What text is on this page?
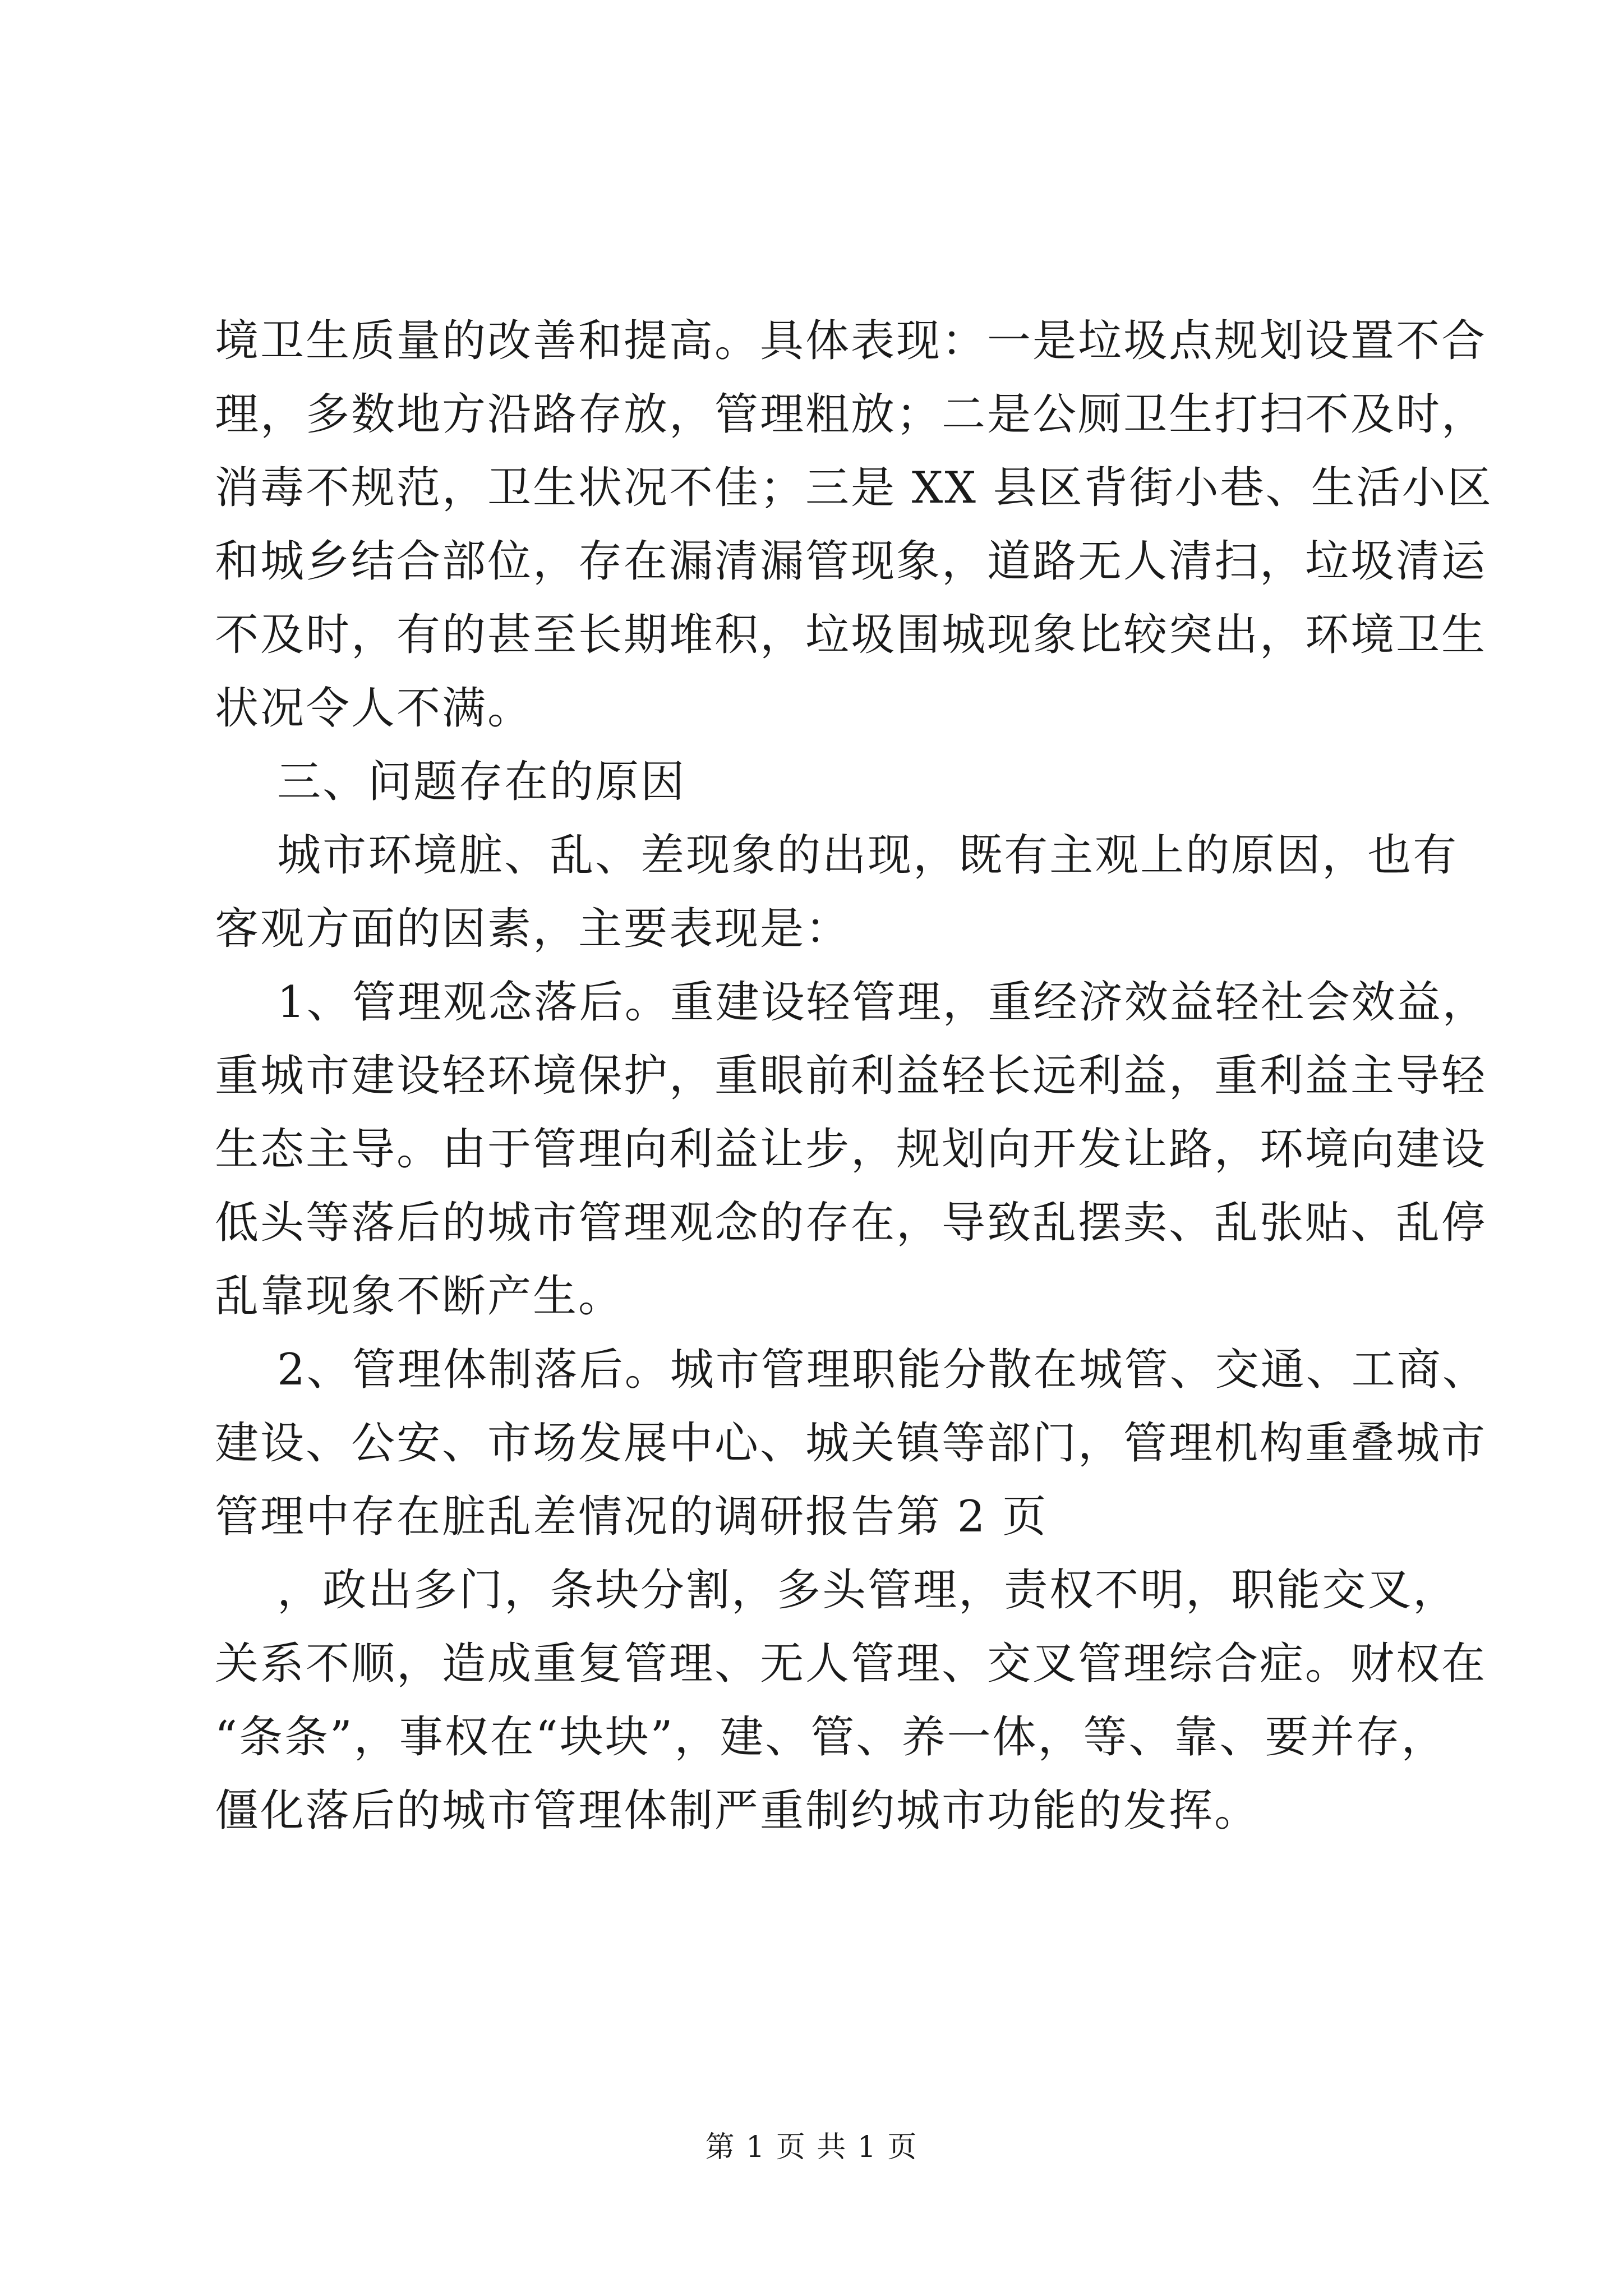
境卫生质量的改善和提高。具体表现：一是垃圾点规划设置不合

理，多数地方沿路存放，管理粗放；二是公厕卫生打扫不及时，

消毒不规范，卫生状况不佳；三是 XX 县区背街小巷、生活小区

和城乡结合部位，存在漏清漏管现象，道路无人清扫，垃圾清运

不及时，有的甚至长期堆积，垃圾围城现象比较突出，环境卫生

状况令人不满。

三、问题存在的原因

城市环境脏、乱、差现象的出现，既有主观上的原因，也有

客观方面的因素，主要表现是：

1、管理观念落后。重建设轻管理，重经济效益轻社会效益，

重城市建设轻环境保护，重眼前利益轻长远利益，重利益主导轻

生态主导。由于管理向利益让步，规划向开发让路，环境向建设

低头等落后的城市管理观念的存在，导致乱摆卖、乱张贴、乱停

乱靠现象不断产生。

2、管理体制落后。城市管理职能分散在城管、交通、工商、

建设、公安、市场发展中心、城关镇等部门，管理机构重叠城市

管理中存在脏乱差情况的调研报告第 2 页

，政出多门，条块分割，多头管理，责权不明，职能交叉，

关系不顺，造成重复管理、无人管理、交叉管理综合症。财权在

“条条”，事权在“块块”，建、管、养一体，等、靠、要并存，

僵化落后的城市管理体制严重制约城市功能的发挥。

第 1 页 共 1 页
